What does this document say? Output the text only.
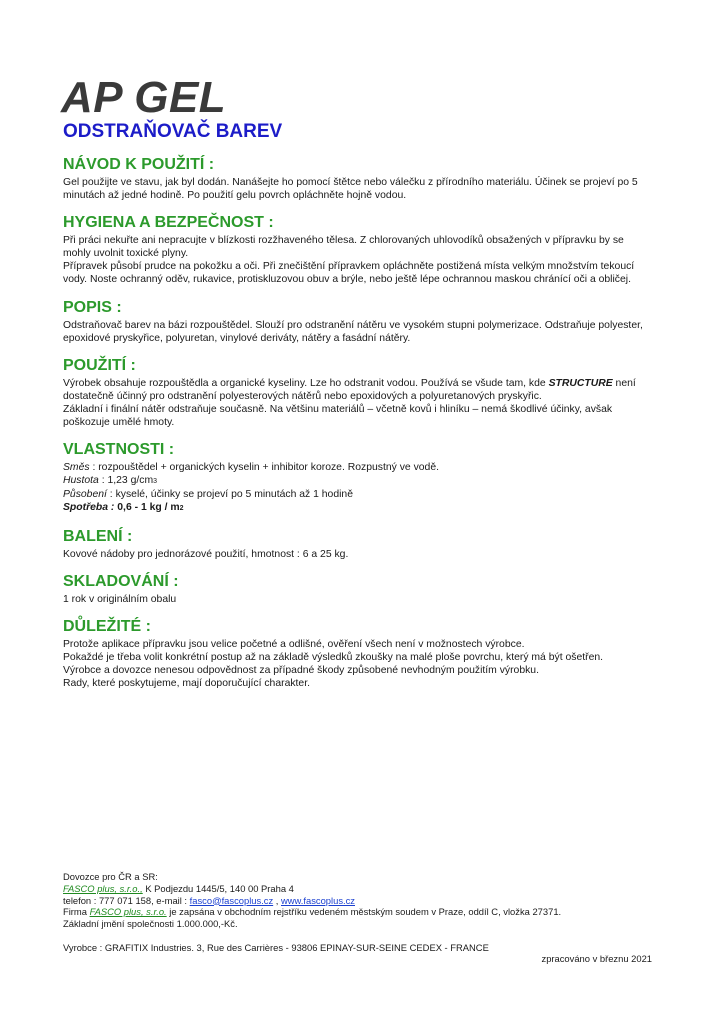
AP GEL
ODSTRAŇOVAČ BAREV
NÁVOD K POUŽITÍ :

Gel použijte ve stavu, jak byl dodán. Nanášejte ho pomocí štětce nebo válečku z přírodního materiálu. Účinek se projeví po 5

minutách až jedné hodině. Po použití gelu povrch opláchněte hojně vodou.

HYGIENA A BEZPEČNOST :

Při práci nekuřte ani nepracujte v blízkosti rozžhaveného tělesa. Z chlorovaných uhlovodíků obsažených v přípravku by se

mohly uvolnit toxické plyny.

Přípravek působí prudce na pokožku a oči. Při znečištění přípravkem opláchněte postižená místa velkým množstvím tekoucí

vody. Noste ochranný oděv, rukavice, protiskluzovou obuv a brýle, nebo ještě lépe ochrannou maskou chránící oči a obličej.

POPIS :

Odstraňovač barev na bázi rozpouštědel. Slouží pro odstranění nátěru ve vysokém stupni polymerizace. Odstraňuje polyester,

epoxidové pryskyřice, polyuretan, vinylové deriváty, nátěry a fasádní nátěry.

POUŽITÍ :

Výrobek obsahuje rozpouštědla a organické kyseliny. Lze ho odstranit vodou. Používá se všude tam, kde STRUCTURE není

dostatečně účinný pro odstranění polyesterových nátěrů nebo epoxidových a polyuretanových pryskyřic.

Základní i finální nátěr odstraňuje současně. Na většinu materiálů – včetně kovů i hliníku – nemá škodlivé účinky, avšak

poškozuje umělé hmoty.

VLASTNOSTI :

Směs : rozpouštědel + organických kyselin + inhibitor koroze. Rozpustný ve vodě.

Hustota : 1,23 g/cm3

Působení : kyselé, účinky se projeví po 5 minutách až 1 hodině

Spotřeba : 0,6 - 1 kg / m2

BALENÍ :

Kovové nádoby pro jednorázové použití, hmotnost : 6 a 25 kg.

SKLADOVÁNÍ :

1 rok v originálním obalu

DŮLEŽITÉ :

Protože aplikace přípravku jsou velice početné a odlišné, ověření všech není v možnostech výrobce.

Pokaždé je třeba volit konkrétní postup až na základě výsledků zkoušky na malé ploše povrchu, který má být ošetřen.

Výrobce a dovozce nenesou odpovědnost za případné škody způsobené nevhodným použitím výrobku.

Rady, které poskytujeme, mají doporučující charakter.

Dovozce pro ČR a SR:

FASCO plus, s.r.o., K Podjezdu 1445/5, 140 00 Praha 4

telefon : 777 071 158, e-mail : fasco@fascoplus.cz , www.fascoplus.cz

Firma FASCO plus, s.r.o. je zapsána v obchodním rejstříku vedeném městským soudem v Praze, oddíl C, vložka 27371.

Základní jmění společnosti 1.000.000,-Kč.

Vyrobce : GRAFITIX Industries. 3, Rue des Carrières - 93806 EPINAY-SUR-SEINE CEDEX - FRANCE

zpracováno v březnu 2021
